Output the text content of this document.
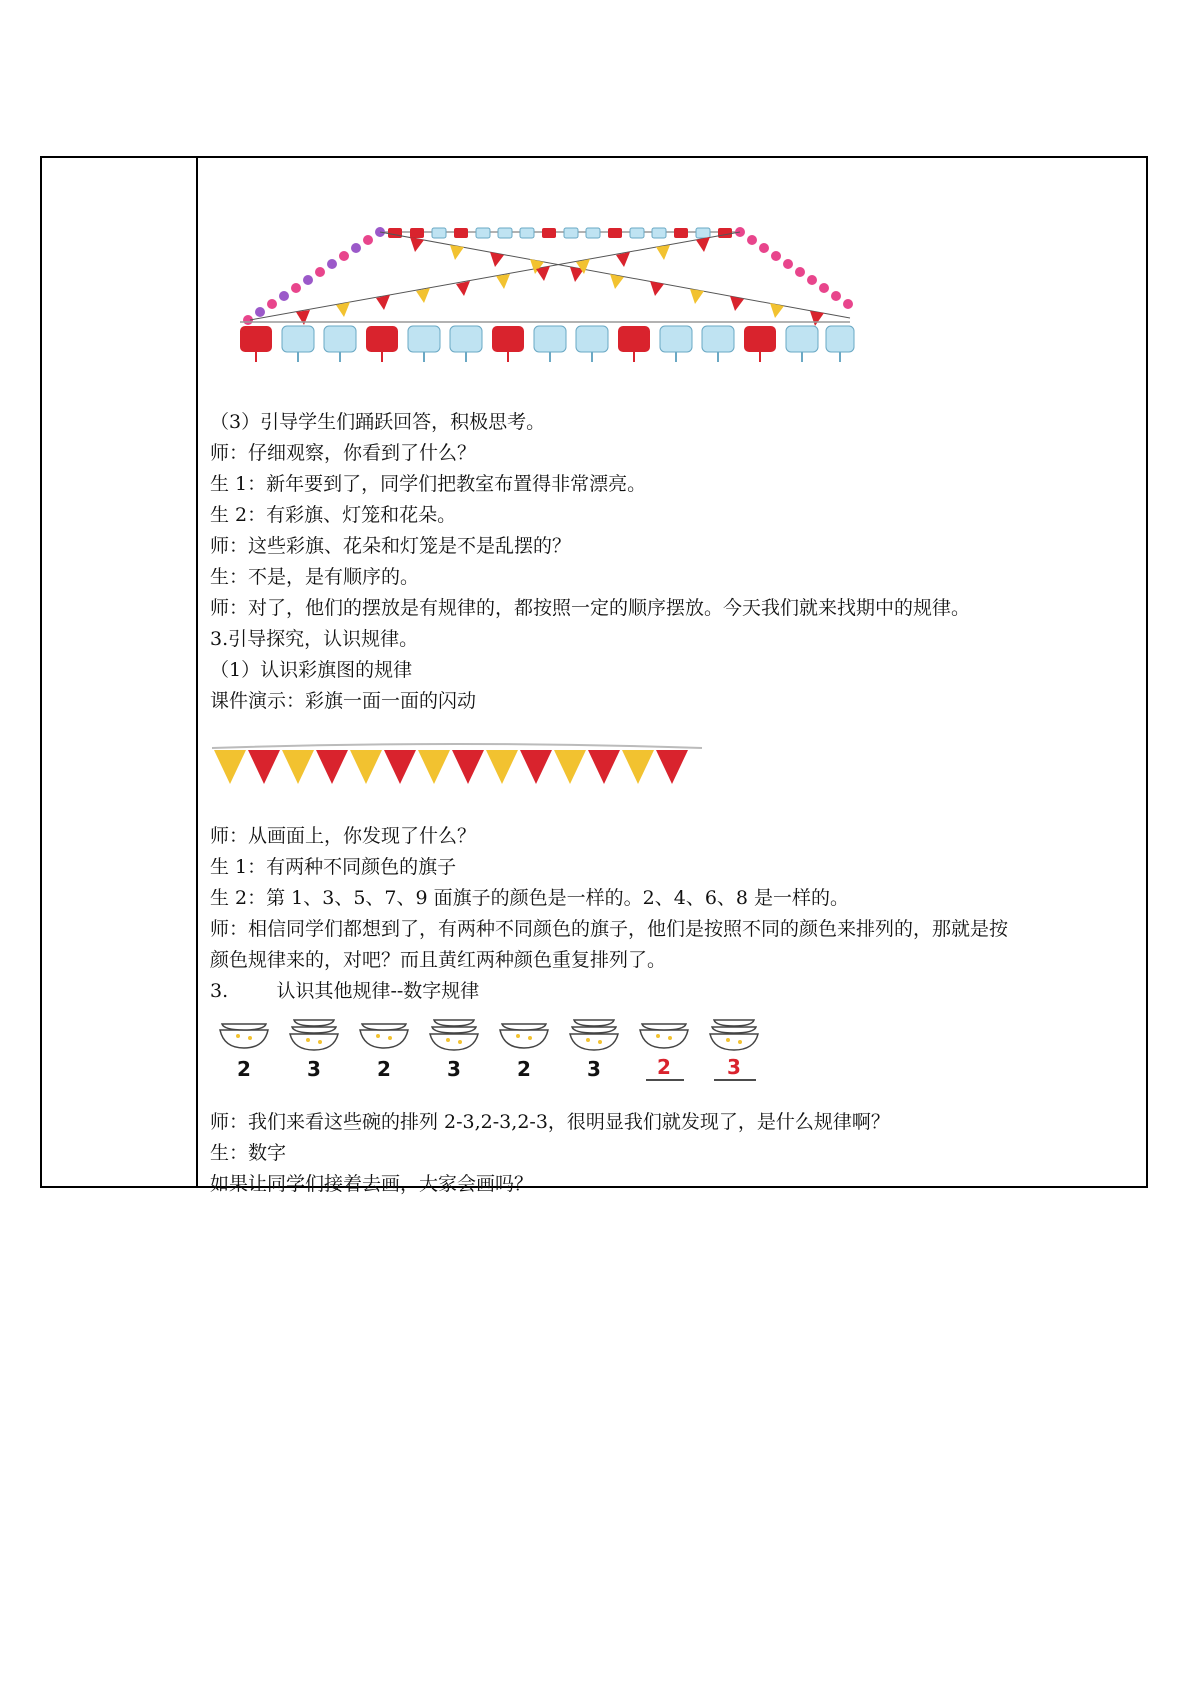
（3）引导学生们踊跃回答，积极思考。
师：仔细观察，你看到了什么？
生 1：新年要到了，同学们把教室布置得非常漂亮。
生 2：有彩旗、灯笼和花朵。
师：这些彩旗、花朵和灯笼是不是乱摆的？
生：不是，是有顺序的。
师：对了，他们的摆放是有规律的，都按照一定的顺序摆放。今天我们就来找期中的规律。
3.引导探究，认识规律。
（1）认识彩旗图的规律
课件演示：彩旗一面一面的闪动
师：从画面上，你发现了什么？
生 1：有两种不同颜色的旗子
生 2：第 1、3、5、7、9 面旗子的颜色是一样的。2、4、6、8 是一样的。
师：相信同学们都想到了，有两种不同颜色的旗子，他们是按照不同的颜色来排列的，那就是按
颜色规律来的，对吧？而且黄红两种颜色重复排列了。
3.        认识其他规律--数字规律
2	3	2	3	2	3	2	3
师：我们来看这些碗的排列 2-3,2-3,2-3，很明显我们就发现了，是什么规律啊？
生：数字
如果让同学们接着去画，大家会画吗？
